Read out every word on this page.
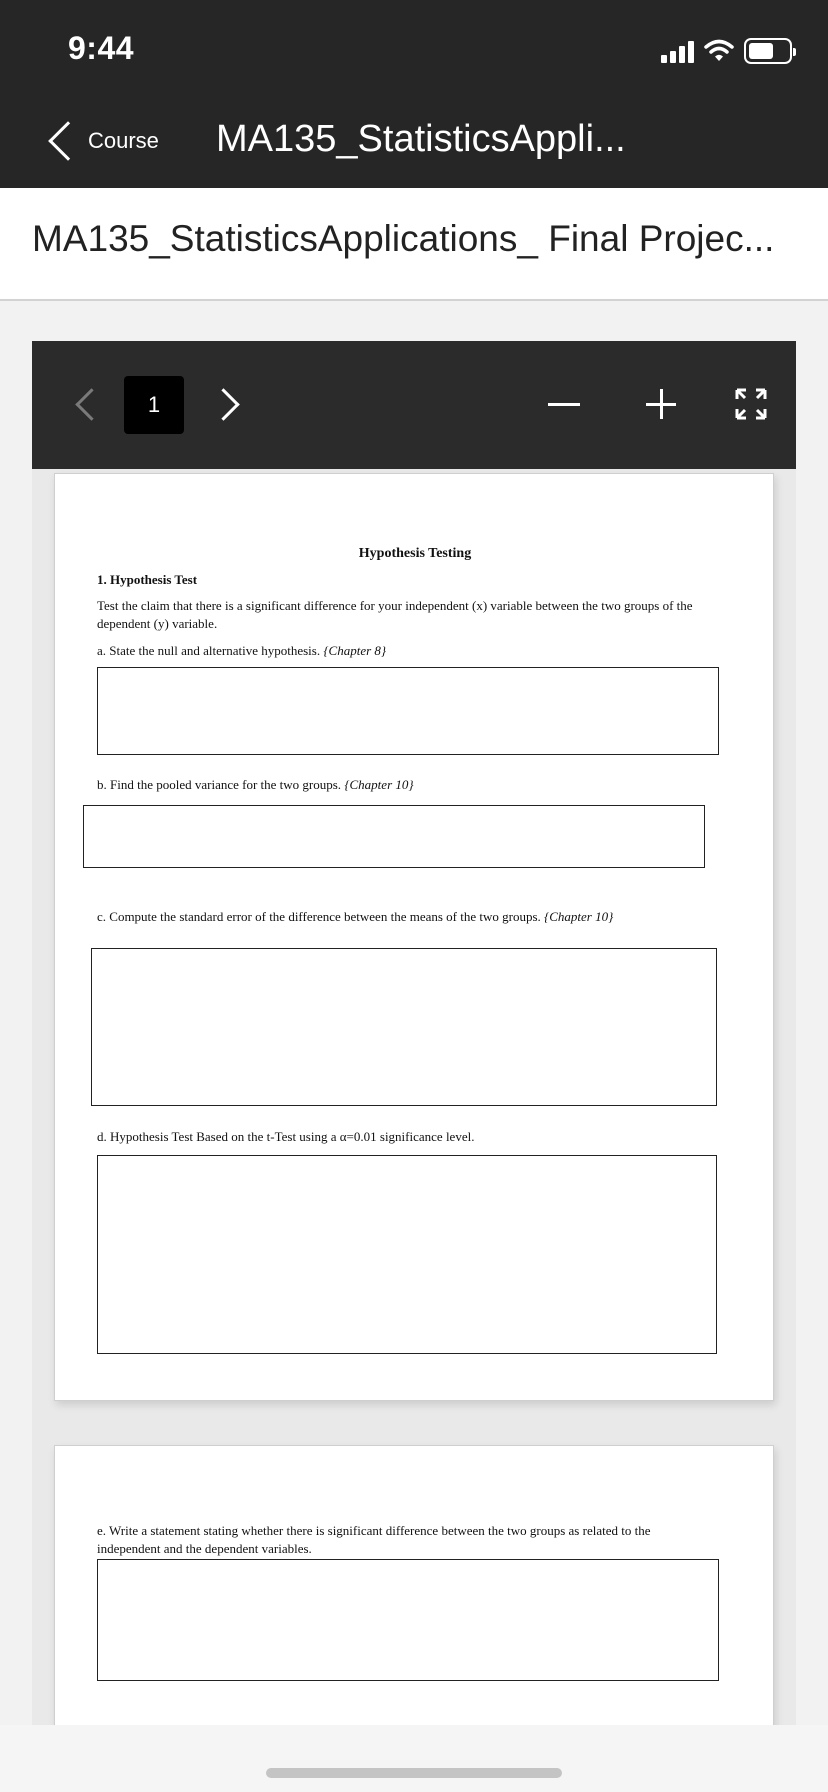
9:44
Course MA135_StatisticsAppli...
MA135_StatisticsApplications_ Final Projec...
1
Hypothesis Testing
1. Hypothesis Test
Test the claim that there is a significant difference for your independent (x) variable between the two groups of the dependent (y) variable.
a. State the null and alternative hypothesis. {Chapter 8}
b. Find the pooled variance for the two groups. {Chapter 10}
c. Compute the standard error of the difference between the means of the two groups. {Chapter 10}
d. Hypothesis Test Based on the t-Test using a α=0.01 significance level.
e. Write a statement stating whether there is significant difference between the two groups as related to the independent and the dependent variables.
